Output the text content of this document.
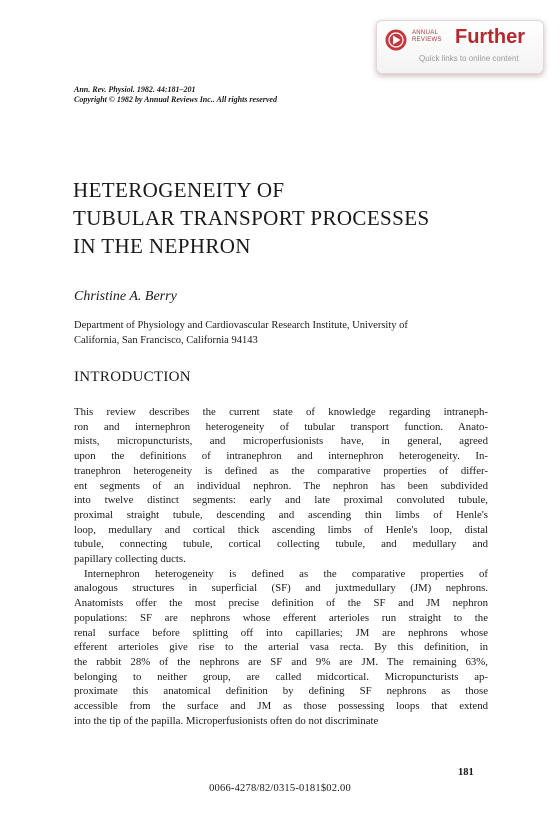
ANNUAL
REVIEWS Further
Quick links to online content
Ann. Rev. Physiol. 1982. 44:181–201
Copyright © 1982 by Annual Reviews Inc.. All rights reserved
HETEROGENEITY OF
TUBULAR TRANSPORT PROCESSES
IN THE NEPHRON
Christine A. Berry
Department of Physiology and Cardiovascular Research Institute, University of
California, San Francisco, California 94143
INTRODUCTION
This review describes the current state of knowledge regarding intraneph-
ron and internephron heterogeneity of tubular transport function. Anato-
mists, micropuncturists, and microperfusionists have, in general, agreed
upon the definitions of intranephron and internephron heterogeneity. In-
tranephron heterogeneity is defined as the comparative properties of differ-
ent segments of an individual nephron. The nephron has been subdivided
into twelve distinct segments: early and late proximal convoluted tubule,
proximal straight tubule, descending and ascending thin limbs of Henle's
loop, medullary and cortical thick ascending limbs of Henle's loop, distal
tubule, connecting tubule, cortical collecting tubule, and medullary and
papillary collecting ducts.
Internephron heterogeneity is defined as the comparative properties of
analogous structures in superficial (SF) and juxtmedullary (JM) nephrons.
Anatomists offer the most precise definition of the SF and JM nephron
populations: SF are nephrons whose efferent arterioles run straight to the
renal surface before splitting off into capillaries; JM are nephrons whose
efferent arterioles give rise to the arterial vasa recta. By this definition, in
the rabbit 28% of the nephrons are SF and 9% are JM. The remaining 63%,
belonging to neither group, are called midcortical. Micropuncturists ap-
proximate this anatomical definition by defining SF nephrons as those
accessible from the surface and JM as those possessing loops that extend
into the tip of the papilla. Microperfusionists often do not discriminate
181
0066-4278/82/0315-0181$02.00
